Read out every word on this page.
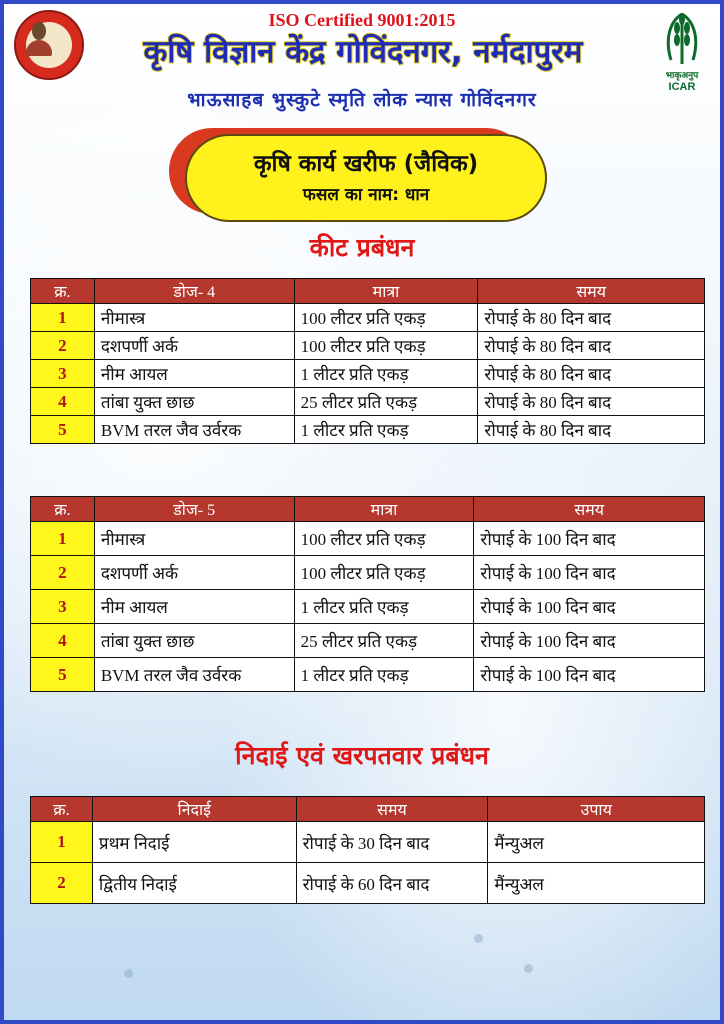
ISO Certified 9001:2015
कृषि विज्ञान केंद्र गोविंदनगर, नर्मदापुरम
भाऊसाहब भुस्कुटे स्मृति लोक न्यास गोविंदनगर
भाकृअनुप
ICAR
कृषि कार्य खरीफ (जैविक)
फसल का नाम: धान
कीट प्रबंधन
क्र.	डोज- 4	मात्रा	समय
1	नीमास्त्र	100 लीटर प्रति एकड़	रोपाई के 80 दिन बाद
2	दशपर्णी अर्क	100 लीटर प्रति एकड़	रोपाई के 80 दिन बाद
3	नीम आयल	1 लीटर प्रति एकड़	रोपाई के 80 दिन बाद
4	तांबा युक्त छाछ	25 लीटर प्रति एकड़	रोपाई के 80 दिन बाद
5	BVM तरल जैव उर्वरक	1 लीटर प्रति एकड़	रोपाई के 80 दिन बाद
क्र.	डोज- 5	मात्रा	समय
1	नीमास्त्र	100 लीटर प्रति एकड़	रोपाई के 100 दिन बाद
2	दशपर्णी अर्क	100 लीटर प्रति एकड़	रोपाई के 100 दिन बाद
3	नीम आयल	1 लीटर प्रति एकड़	रोपाई के 100 दिन बाद
4	तांबा युक्त छाछ	25 लीटर प्रति एकड़	रोपाई के 100 दिन बाद
5	BVM तरल जैव उर्वरक	1 लीटर प्रति एकड़	रोपाई के 100 दिन बाद
निदाई एवं खरपतवार प्रबंधन
क्र.	निदाई	समय	उपाय
1	प्रथम निदाई	रोपाई के 30 दिन बाद	मैंन्युअल
2	द्वितीय निदाई	रोपाई के 60 दिन बाद	मैंन्युअल
